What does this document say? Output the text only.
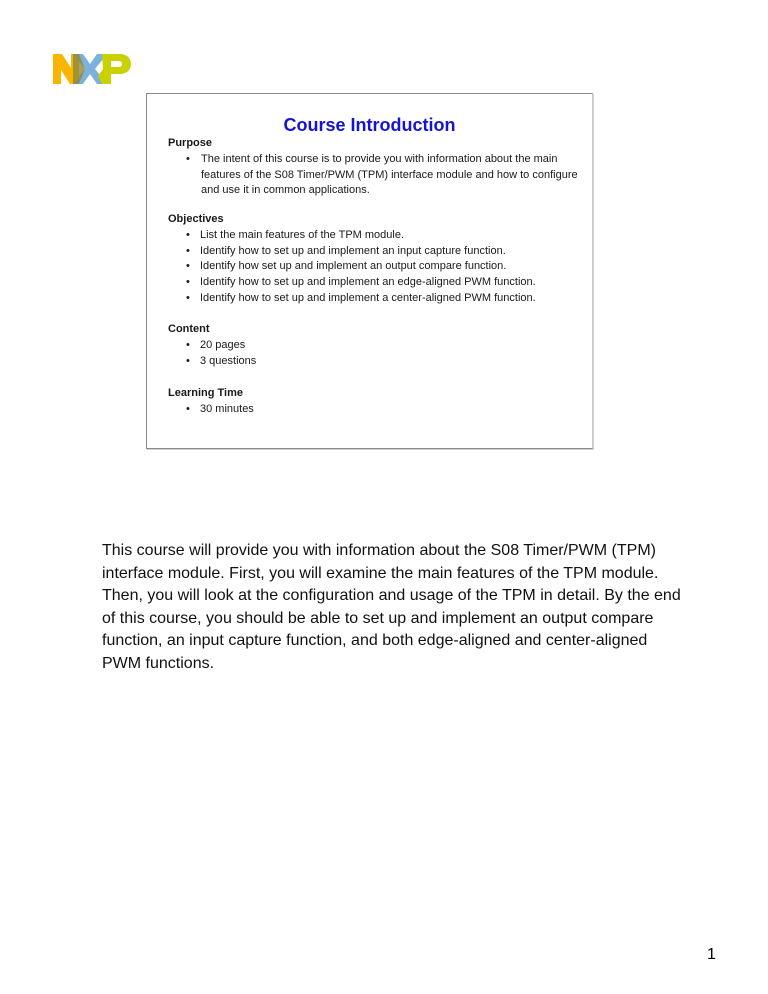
Course Introduction
Purpose
• The intent of this course is to provide you with information about the main features of the S08 Timer/PWM (TPM) interface module and how to configure and use it in common applications.
Objectives
• List the main features of the TPM module.
• Identify how to set up and implement an input capture function.
• Identify how set up and implement an output compare function.
• Identify how to set up and implement an edge-aligned PWM function.
• Identify how to set up and implement a center-aligned PWM function.
Content
• 20 pages
• 3 questions
Learning Time
• 30 minutes

This course will provide you with information about the S08 Timer/PWM (TPM) interface module. First, you will examine the main features of the TPM module. Then, you will look at the configuration and usage of the TPM in detail. By the end of this course, you should be able to set up and implement an output compare function, an input capture function, and both edge-aligned and center-aligned PWM functions.

1
